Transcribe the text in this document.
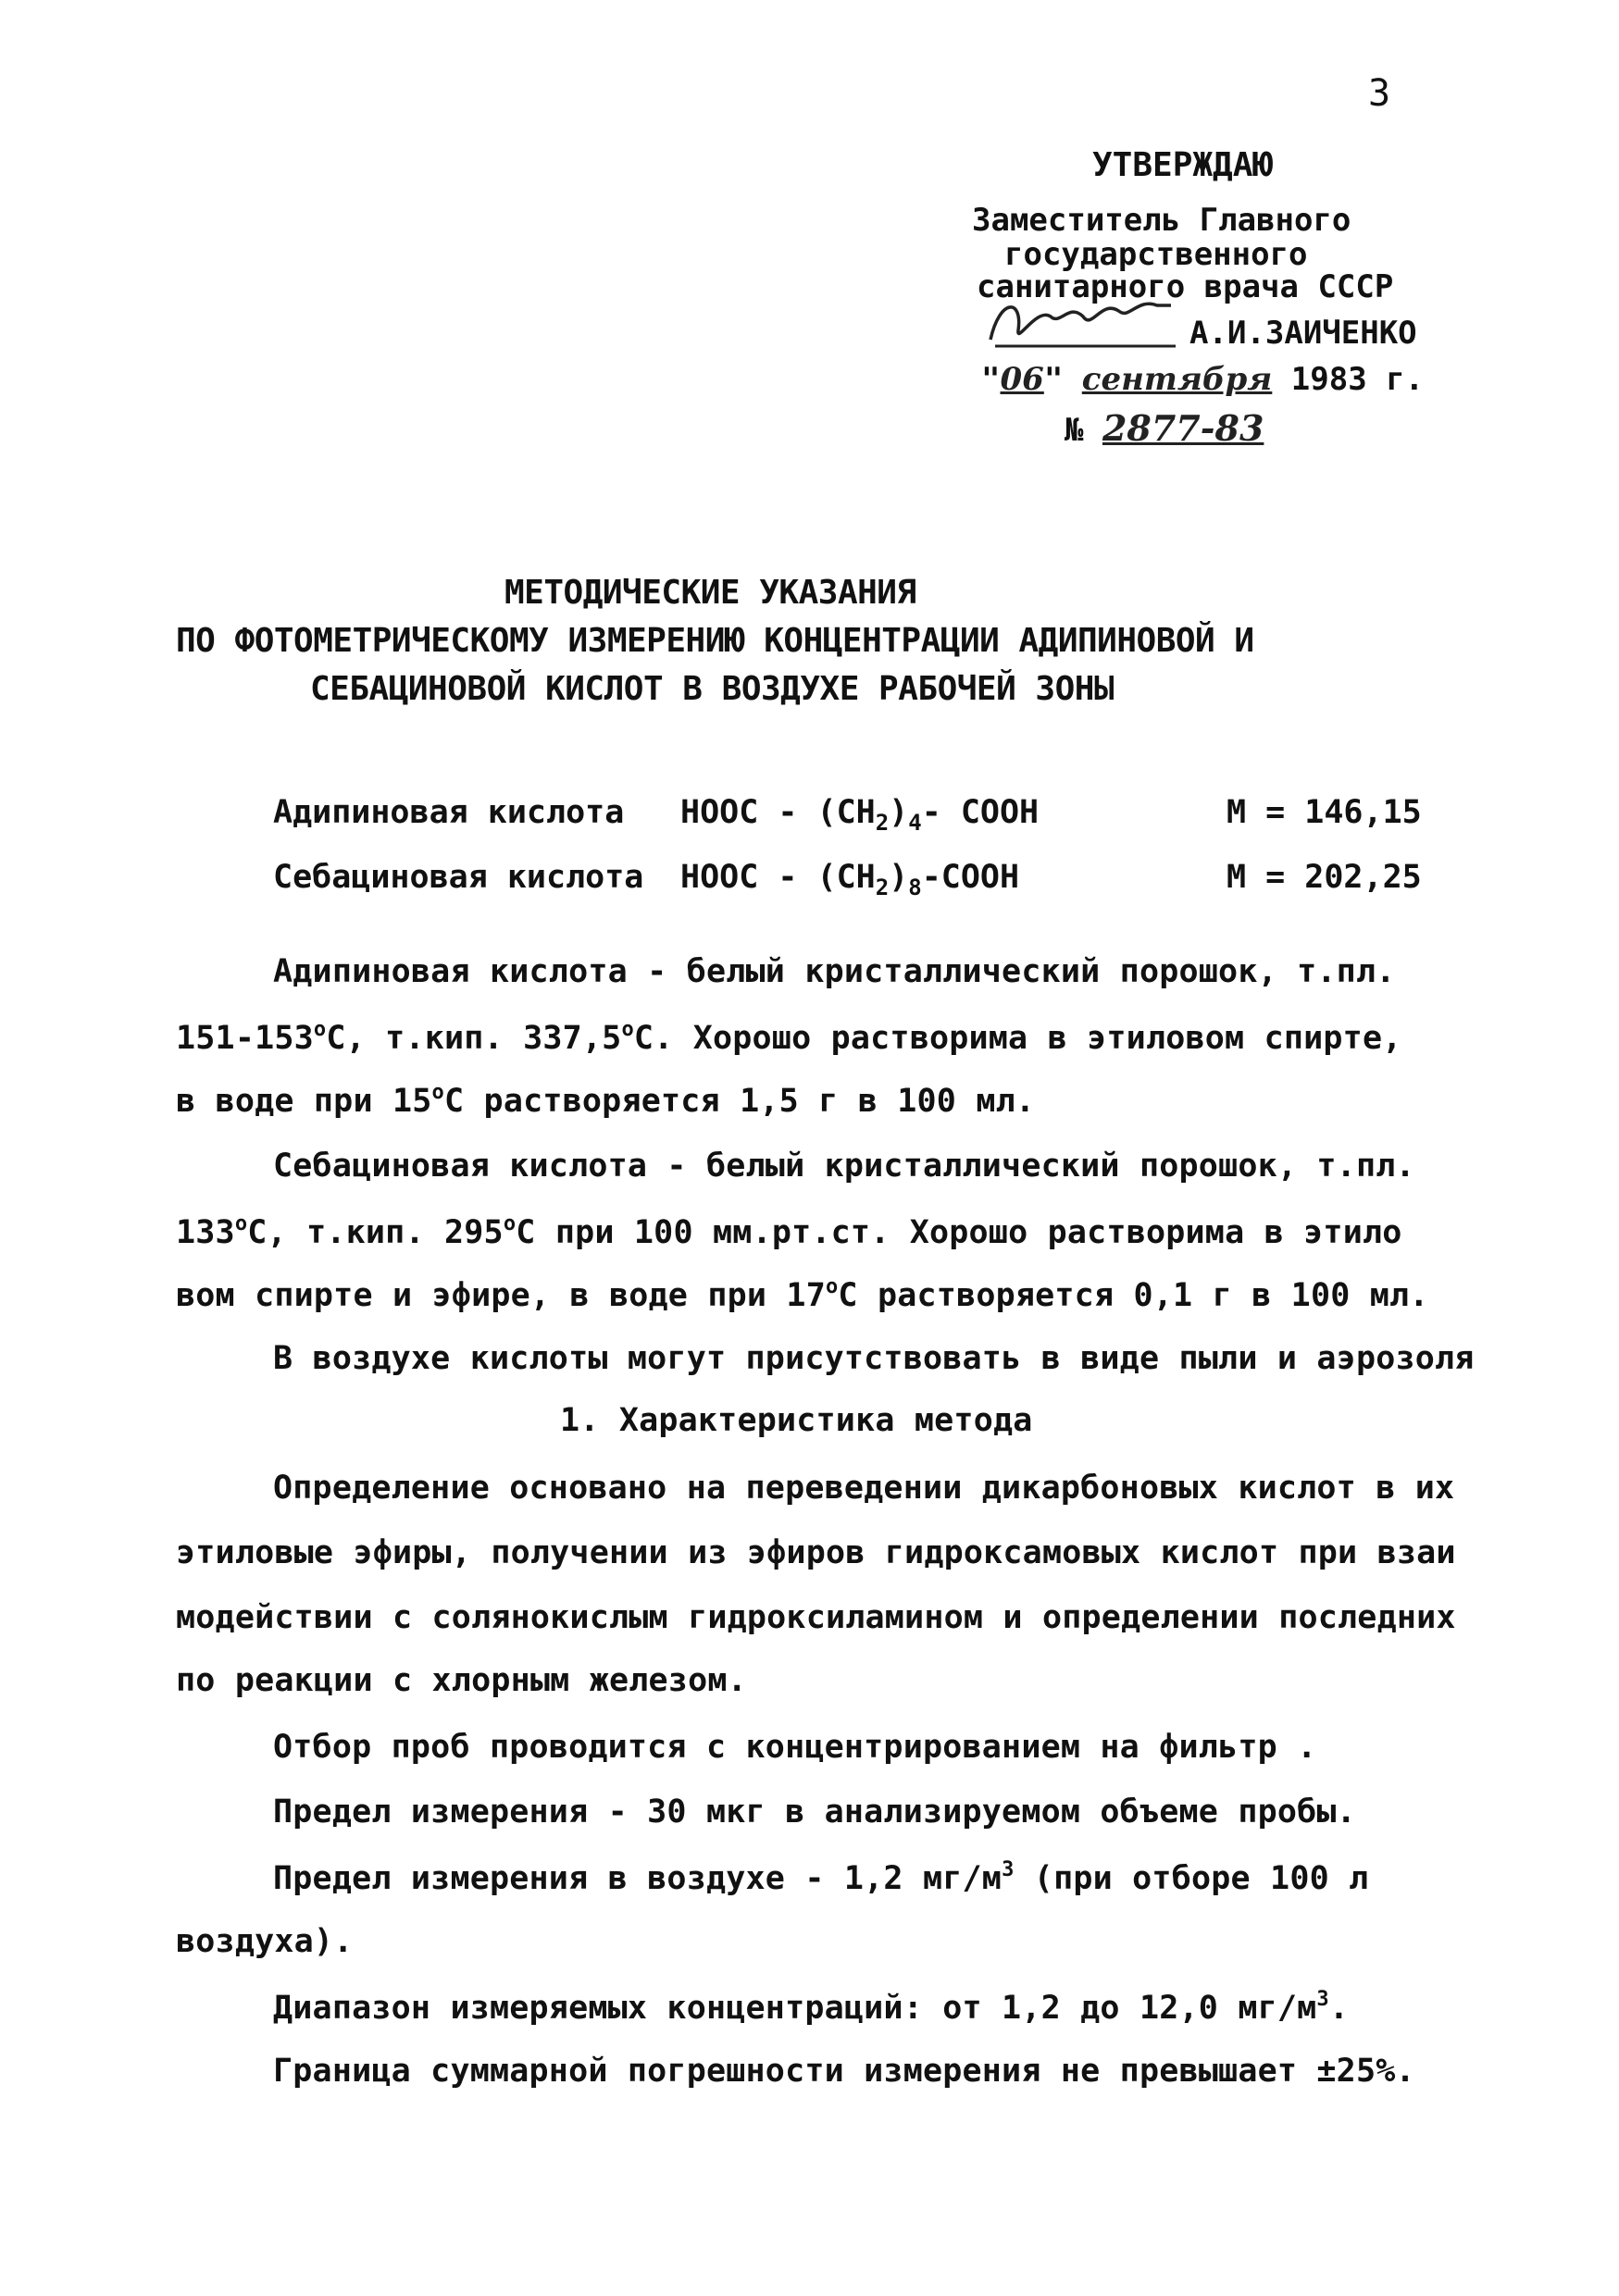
3
УТВЕРЖДАЮ
Заместитель Главного
государственного
санитарного врача СССР
А.И.ЗАИЧЕНКО
"06" сентября 1983 г.
№ 2877-83
МЕТОДИЧЕСКИЕ УКАЗАНИЯ
ПО ФОТОМЕТРИЧЕСКОМУ ИЗМЕРЕНИЮ КОНЦЕНТРАЦИИ АДИПИНОВОЙ И
СЕБАЦИНОВОЙ КИСЛОТ В ВОЗДУХЕ РАБОЧЕЙ ЗОНЫ
Адипиновая кислота HOOC - $(CH_2)_4-$ COOH	M = 146,15
Себациновая кислота HOOC - $(CH_2)_8$-COOH	M = 202,25
Адипиновая кислота - белый кристаллический порошок, т.пл.
$151-153^оС$, т.кип. $337,5^оС$. Хорошо растворима в этиловом спирте,
в воде при $15^оС$ растворяется 1,5 г в 100 мл.
Себациновая кислота - белый кристаллический порошок, т.пл.
$133^оС$, т.кип. $295^оС$ при 100 мм.рт.ст. Хорошо растворима в этило
вом спирте и эфире, в воде при $17^оС$ растворяется 0,1 г в 100 мл.
В воздухе кислоты могут присутствовать в виде пыли и аэрозоля
1. Характеристика метода
Определение основано на переведении дикарбоновых кислот в их
этиловые эфиры, получении из эфиров гидроксамовых кислот при взаи
модействии с солянокислым гидроксиламином и определении последних
по реакции с хлорным железом.
Отбор проб проводится с концентрированием на фильтр .
Предел измерения - 30 мкг в анализируемом объеме пробы.
Предел измерения в воздухе - 1,2 $мг/м^3$ (при отборе 100 л
воздуха).
Диапазон измеряемых концентраций: от 1,2 до 12,0 $мг/м^3$.
Граница суммарной погрешности измерения не превышает ±25%.
